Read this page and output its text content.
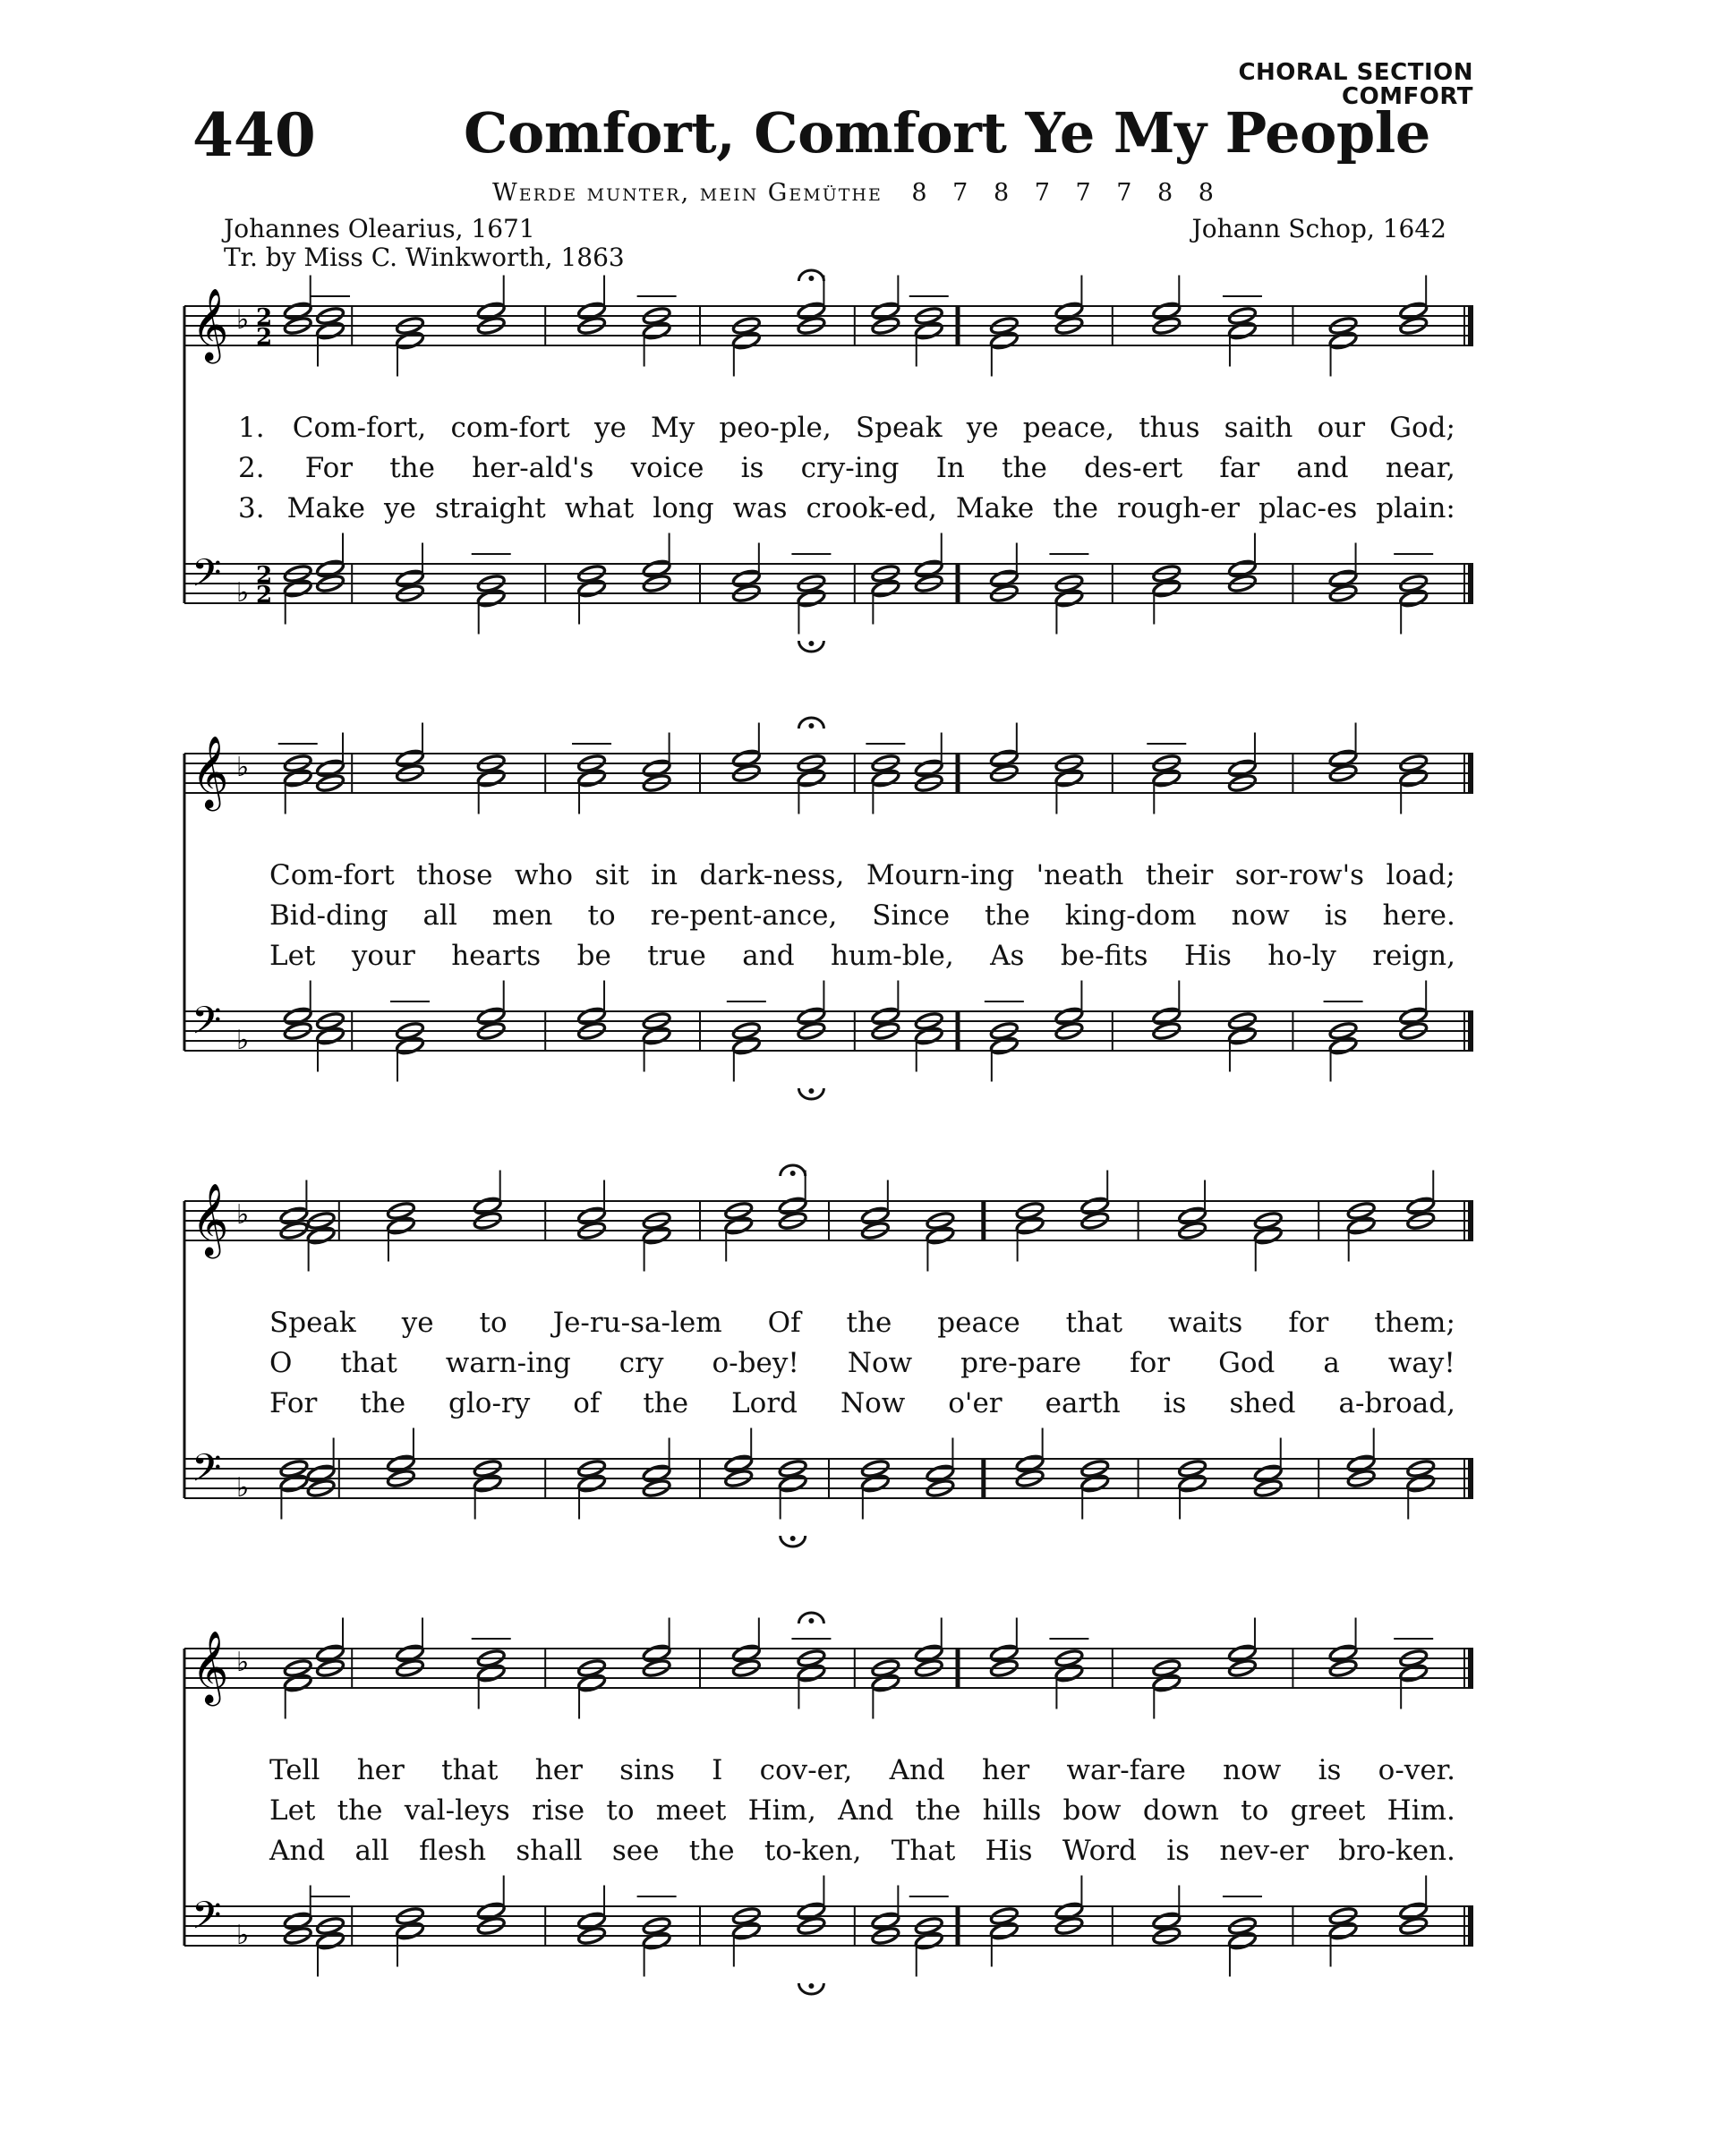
CHORAL SECTION
COMFORT
440	Comfort, Comfort Ye My People
Werde munter, mein Gemüthe 8 7 8 7 7 7 8 8
Johannes Olearius, 1671
Tr. by Miss C. Winkworth, 1863
Johann Schop, 1642
𝄞 ♭ 2
2
𝄢 ♭
2
2
1. Com-fort, com-fort ye My peo-ple, Speak ye peace, thus saith our God;
2. For the her-ald's voice is cry-ing In the des-ert far and near,
3. Make ye straight what long was crook-ed, Make the rough-er plac-es plain:
𝄞 ♭
𝄢 ♭
Com-fort those who sit in dark-ness, Mourn-ing 'neath their sor-row's load;
Bid-ding all men to re-pent-ance, Since the king-dom now is here.
Let your hearts be true and hum-ble, As be-fits His ho-ly reign,
𝄞 ♭
𝄢 ♭
Speak ye to Je-ru-sa-lem Of the peace that waits for them;
O that warn-ing cry o-bey! Now pre-pare for God a way!
For the glo-ry of the Lord Now o'er earth is shed a-broad,
𝄞 ♭
𝄢 ♭
Tell her that her sins I cov-er, And her war-fare now is o-ver.
Let the val-leys rise to meet Him, And the hills bow down to greet Him.
And all flesh shall see the to-ken, That His Word is nev-er bro-ken.
